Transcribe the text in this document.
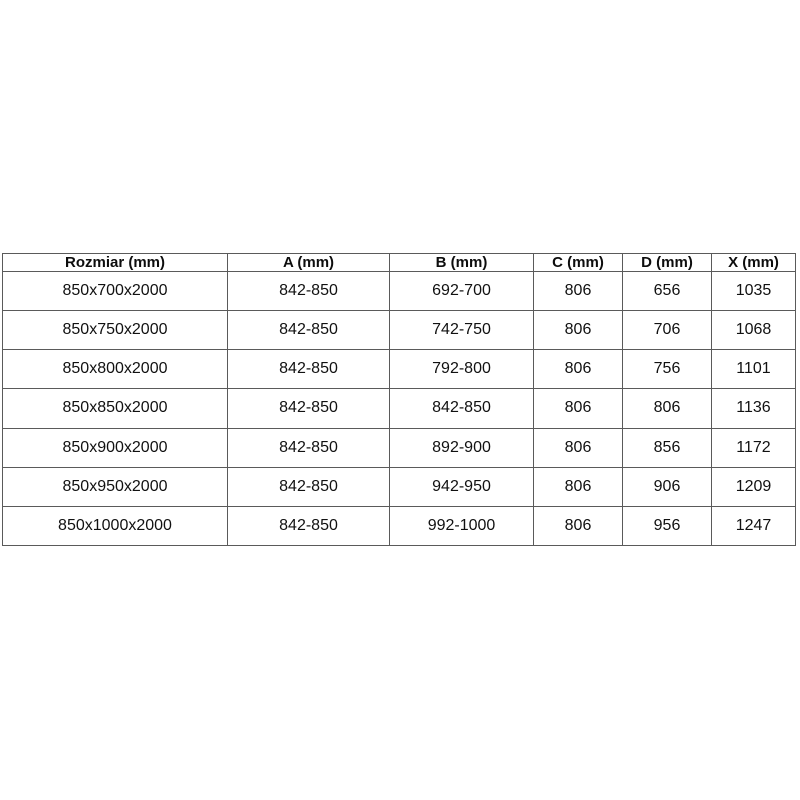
Rozmiar (mm)	A (mm)	B (mm)	C (mm)	D (mm)	X (mm)
850x700x2000	842-850	692-700	806	656	1035
850x750x2000	842-850	742-750	806	706	1068
850x800x2000	842-850	792-800	806	756	1101
850x850x2000	842-850	842-850	806	806	1136
850x900x2000	842-850	892-900	806	856	1172
850x950x2000	842-850	942-950	806	906	1209
850x1000x2000	842-850	992-1000	806	956	1247
